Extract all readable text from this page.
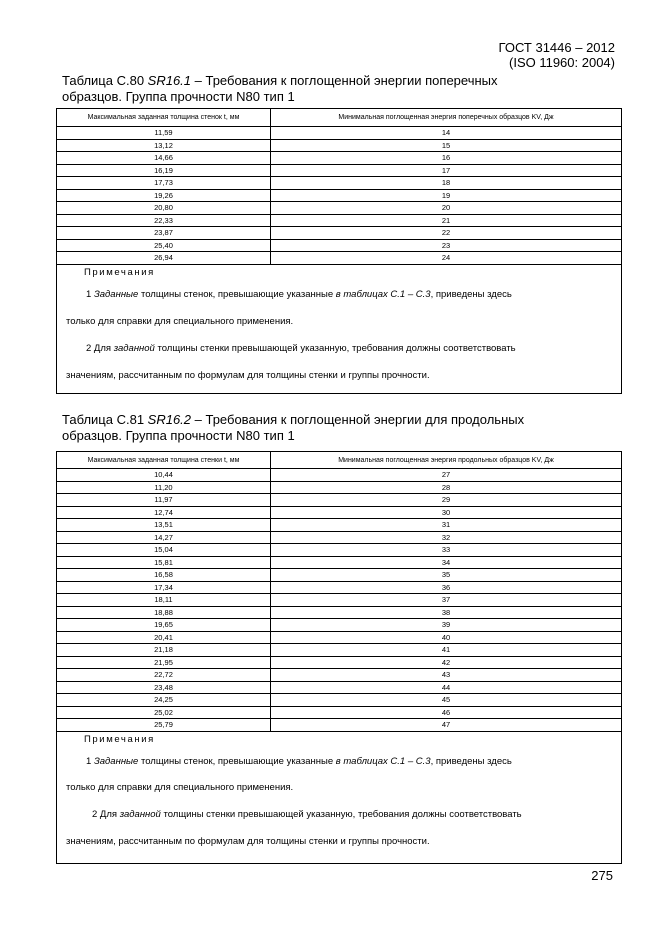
ГОСТ 31446 – 2012
(ISO 11960: 2004)
Таблица С.80 SR16.1 – Требования к поглощенной энергии поперечных
образцов. Группа прочности N80 тип 1
Максимальная заданная толщина стенок t, мм	Минимальная поглощенная энергия поперечных образцов KV, Дж
11,59	14
13,12	15
14,66	16
16,19	17
17,73	18
19,26	19
20,80	20
22,33	21
23,87	22
25,40	23
26,94	24
Примечания

1 Заданные толщины стенок, превышающие указанные в таблицах С.1 – С.3, приведены здесь

только для справки для специального применения.

2 Для заданной толщины стенки превышающей указанную, требования должны соответствовать

значениям, рассчитанным по формулам для толщины стенки и группы прочности.

Таблица С.81 SR16.2 – Требования к поглощенной энергии для продольных
образцов. Группа прочности N80 тип 1
Максимальная заданная толщина стенки t, мм	Минимальная поглощенная энергия продольных образцов KV, Дж
10,44	27
11,20	28
11,97	29
12,74	30
13,51	31
14,27	32
15,04	33
15,81	34
16,58	35
17,34	36
18,11	37
18,88	38
19,65	39
20,41	40
21,18	41
21,95	42
22,72	43
23,48	44
24,25	45
25,02	46
25,79	47
Примечания

1 Заданные толщины стенок, превышающие указанные в таблицах С.1 – С.3, приведены здесь

только для справки для специального применения.

2 Для заданной толщины стенки превышающей указанную, требования должны соответствовать

значениям, рассчитанным по формулам для толщины стенки и группы прочности.

275
